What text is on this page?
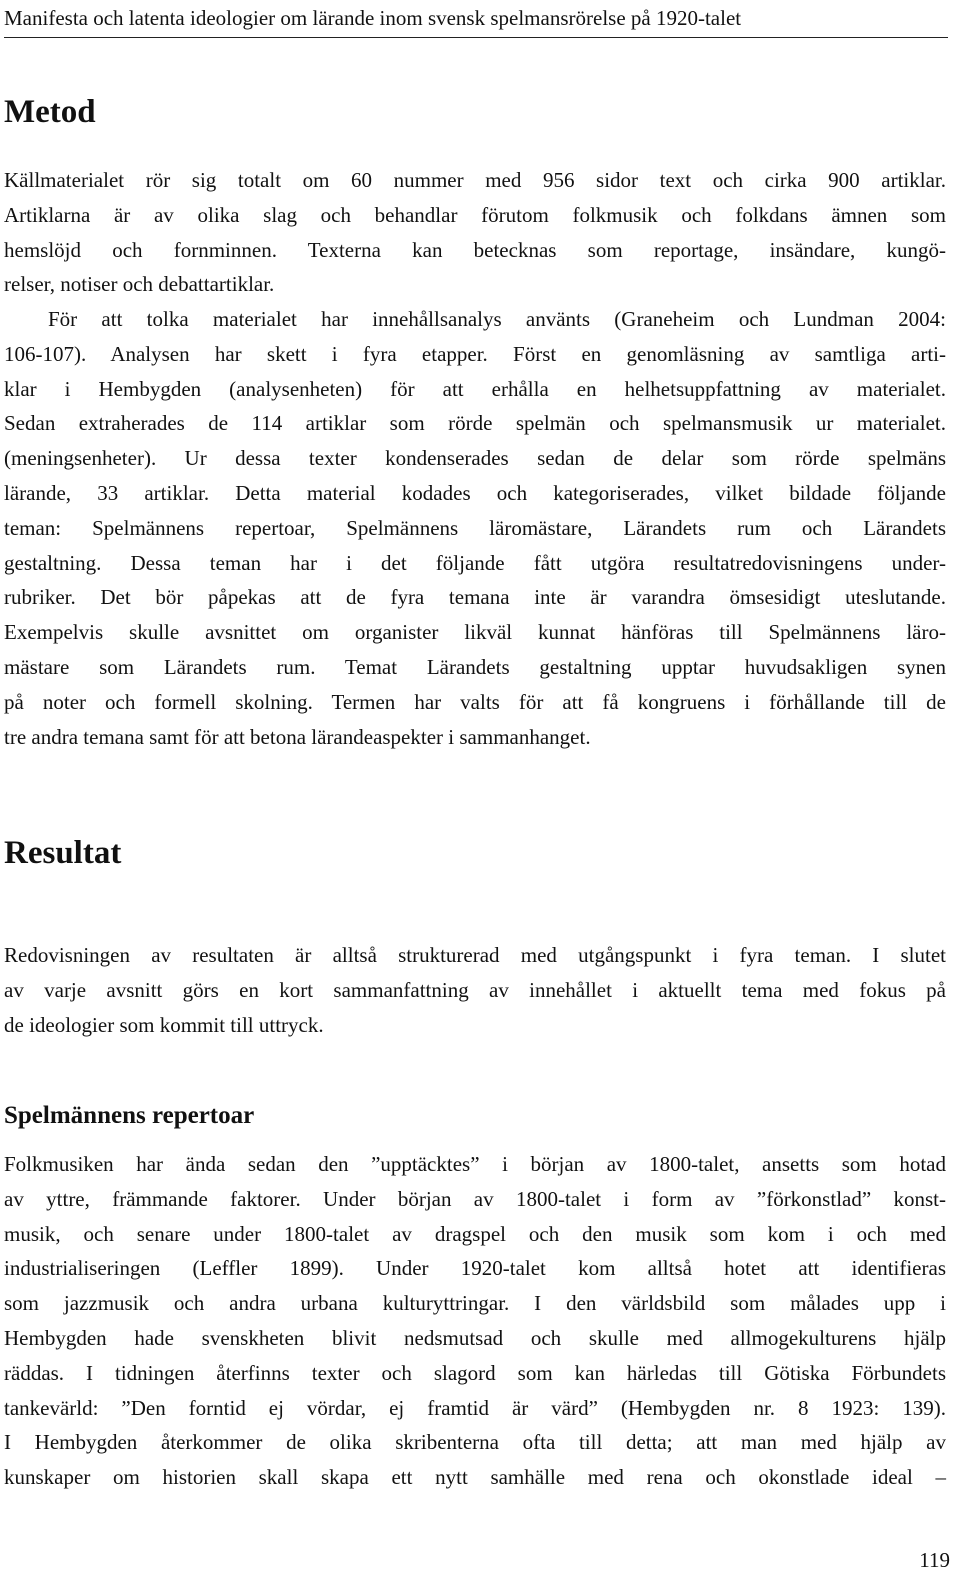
Manifesta och latenta ideologier om lärande inom svensk spelmansrörelse på 1920-talet
Metod
Källmaterialet rör sig totalt om 60 nummer med 956 sidor text och cirka 900 artiklar.
Artiklarna är av olika slag och behandlar förutom folkmusik och folkdans ämnen som
hemslöjd och fornminnen. Texterna kan betecknas som reportage, insändare, kungö-
relser, notiser och debattartiklar.
För att tolka materialet har innehållsanalys använts (Graneheim och Lundman 2004:
106-107). Analysen har skett i fyra etapper. Först en genomläsning av samtliga arti-
klar i Hembygden (analysenheten) för att erhålla en helhetsuppfattning av materialet.
Sedan extraherades de 114 artiklar som rörde spelmän och spelmansmusik ur materialet.
(meningsenheter). Ur dessa texter kondenserades sedan de delar som rörde spelmäns
lärande, 33 artiklar. Detta material kodades och kategoriserades, vilket bildade följande
teman: Spelmännens repertoar, Spelmännens läromästare, Lärandets rum och Lärandets
gestaltning. Dessa teman har i det följande fått utgöra resultatredovisningens under-
rubriker. Det bör påpekas att de fyra temana inte är varandra ömsesidigt uteslutande.
Exempelvis skulle avsnittet om organister likväl kunnat hänföras till Spelmännens läro-
mästare som Lärandets rum. Temat Lärandets gestaltning upptar huvudsakligen synen
på noter och formell skolning. Termen har valts för att få kongruens i förhållande till de
tre andra temana samt för att betona lärandeaspekter i sammanhanget.
Resultat
Redovisningen av resultaten är alltså strukturerad med utgångspunkt i fyra teman. I slutet
av varje avsnitt görs en kort sammanfattning av innehållet i aktuellt tema med fokus på
de ideologier som kommit till uttryck.
Spelmännens repertoar
Folkmusiken har ända sedan den ”upptäcktes” i början av 1800-talet, ansetts som hotad
av yttre, främmande faktorer. Under början av 1800-talet i form av ”förkonstlad” konst-
musik, och senare under 1800-talet av dragspel och den musik som kom i och med
industrialiseringen (Leffler 1899). Under 1920-talet kom alltså hotet att identifieras
som jazzmusik och andra urbana kulturyttringar. I den världsbild som målades upp i
Hembygden hade svenskheten blivit nedsmutsad och skulle med allmogekulturens hjälp
räddas. I tidningen återfinns texter och slagord som kan härledas till Götiska Förbundets
tankevärld: ”Den forntid ej vördar, ej framtid är värd” (Hembygden nr. 8 1923: 139).
I Hembygden återkommer de olika skribenterna ofta till detta; att man med hjälp av
kunskaper om historien skall skapa ett nytt samhälle med rena och okonstlade ideal –
119
